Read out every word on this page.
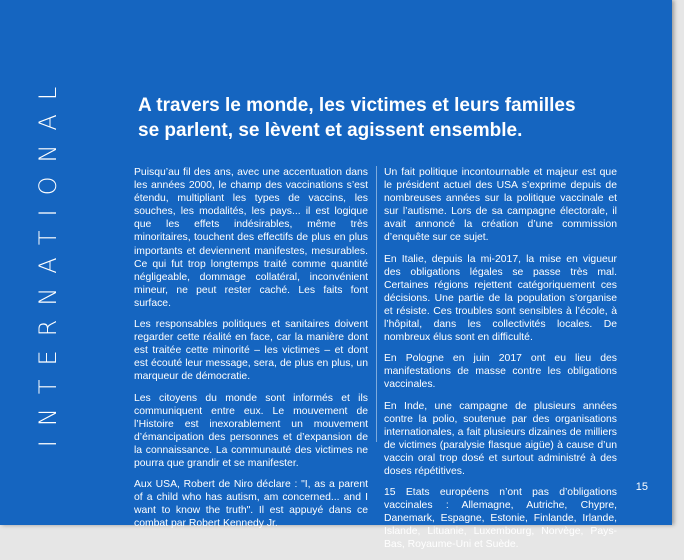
INTERNATIONAL	A travers le monde, les victimes et leurs familles se parlent, se lèvent et agissent ensemble.

Puisqu’au fil des ans, avec une accentuation dans les années 2000, le champ des vaccinations s’est étendu, multipliant les types de vaccins, les souches, les modalités, les pays... il est logique que les effets indésirables, même très minoritaires, touchent des effectifs de plus en plus importants et deviennent manifestes, mesurables. Ce qui fut trop longtemps traité comme quantité négligeable, dommage collatéral, inconvénient mineur, ne peut rester caché. Les faits font surface.

Les responsables politiques et sanitaires doivent regarder cette réalité en face, car la manière dont est traitée cette minorité – les victimes – et dont est écouté leur message, sera, de plus en plus, un marqueur de démocratie.

Les citoyens du monde sont informés et ils communiquent entre eux. Le mouvement de l’Histoire est inexorablement un mouvement d’émancipation des personnes et d’expansion de la connaissance. La communauté des victimes ne pourra que grandir et se manifester.

Aux USA, Robert de Niro déclare : "I, as a parent of a child who has autism, am concerned... and I want to know the truth". Il est appuyé dans ce combat par Robert Kennedy Jr.

Un fait politique incontournable et majeur est que le président actuel des USA s’exprime depuis de nombreuses années sur la politique vaccinale et sur l’autisme. Lors de sa campagne électorale, il avait annoncé la création d’une commission d’enquête sur ce sujet.

En Italie, depuis la mi-2017, la mise en vigueur des obligations légales se passe très mal. Certaines régions rejettent catégoriquement ces décisions. Une partie de la population s’organise et résiste. Ces troubles sont sensibles à l’école, à l’hôpital, dans les collectivités locales. De nombreux élus sont en difficulté.

En Pologne en juin 2017 ont eu lieu des manifestations de masse contre les obligations vaccinales.

En Inde, une campagne de plusieurs années contre la polio, soutenue par des organisations internationales, a fait plusieurs dizaines de milliers de victimes (paralysie flasque aigüe) à cause d’un vaccin oral trop dosé et surtout administré à des doses répétitives.

15 Etats européens n’ont pas d’obligations vaccinales : Allemagne, Autriche, Chypre, Danemark, Espagne, Estonie, Finlande, Irlande, Islande, Lituanie, Luxembourg, Norvège, Pays-Bas, Royaume-Uni et Suède.

15
